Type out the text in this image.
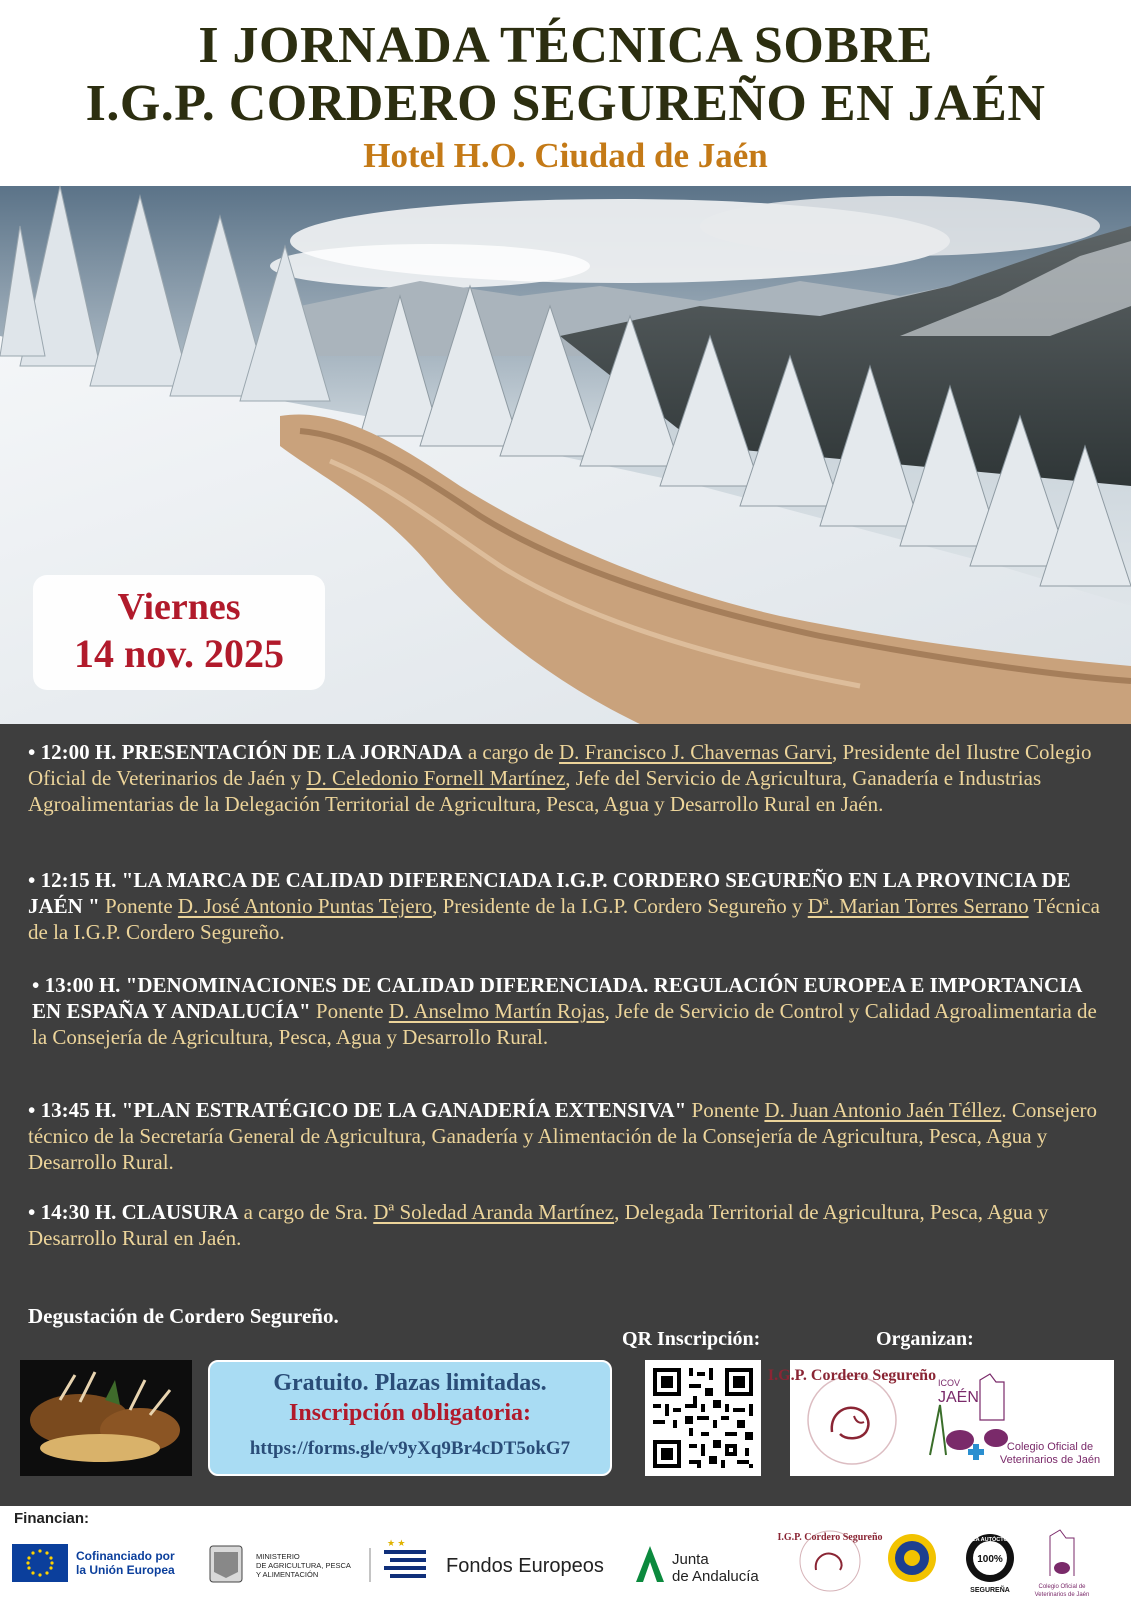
I JORNADA TÉCNICA SOBRE
I.G.P. CORDERO SEGUREÑO EN JAÉN
Hotel H.O. Ciudad de Jaén
Viernes
14 nov. 2025
• 12:00 H. PRESENTACIÓN DE LA JORNADA a cargo de D. Francisco J. Chavernas Garvi, Presidente del Ilustre Colegio Oficial de Veterinarios de Jaén y D. Celedonio Fornell Martínez, Jefe del Servicio de Agricultura, Ganadería e Industrias Agroalimentarias de la Delegación Territorial de Agricultura, Pesca, Agua y Desarrollo Rural en Jaén.
• 12:15 H. "LA MARCA DE CALIDAD DIFERENCIADA I.G.P. CORDERO SEGUREÑO EN LA PROVINCIA DE JAÉN " Ponente D. José Antonio Puntas Tejero, Presidente de la I.G.P. Cordero Segureño y Dª. Marian Torres Serrano Técnica de la I.G.P. Cordero Segureño.
• 13:00 H. "DENOMINACIONES DE CALIDAD DIFERENCIADA. REGULACIÓN EUROPEA E IMPORTANCIA EN ESPAÑA Y ANDALUCÍA" Ponente D. Anselmo Martín Rojas, Jefe de Servicio de Control y Calidad Agroalimentaria de la Consejería de Agricultura, Pesca, Agua y Desarrollo Rural.
• 13:45 H. "PLAN ESTRATÉGICO DE LA GANADERÍA EXTENSIVA" Ponente D. Juan Antonio Jaén Téllez. Consejero técnico de la Secretaría General de Agricultura, Ganadería y Alimentación de la Consejería de Agricultura, Pesca, Agua y Desarrollo Rural.
• 14:30 H. CLAUSURA a cargo de Sra. Dª Soledad Aranda Martínez, Delegada Territorial de Agricultura, Pesca, Agua y Desarrollo Rural en Jaén.
Degustación de Cordero Segureño.
QR Inscripción:	Organizan:
Gratuito. Plazas limitadas.
Inscripción obligatoria:
https://forms.gle/v9yXq9Br4cDT5okG7
I.G.P. Cordero Segureño ICOV
JAÉN
Colegio Oficial de
Veterinarios de Jaén
Financian:
Cofinanciado por
la Unión Europea
MINISTERIO
DE AGRICULTURA, PESCA
Y ALIMENTACIÓN
★ ★
Fondos Europeos	Junta
de Andalucía
I.G.P. Cordero Segureño
100%
RAZA AUTÓCTONA
SEGUREÑA	Colegio Oficial de
Veterinarios de Jaén
